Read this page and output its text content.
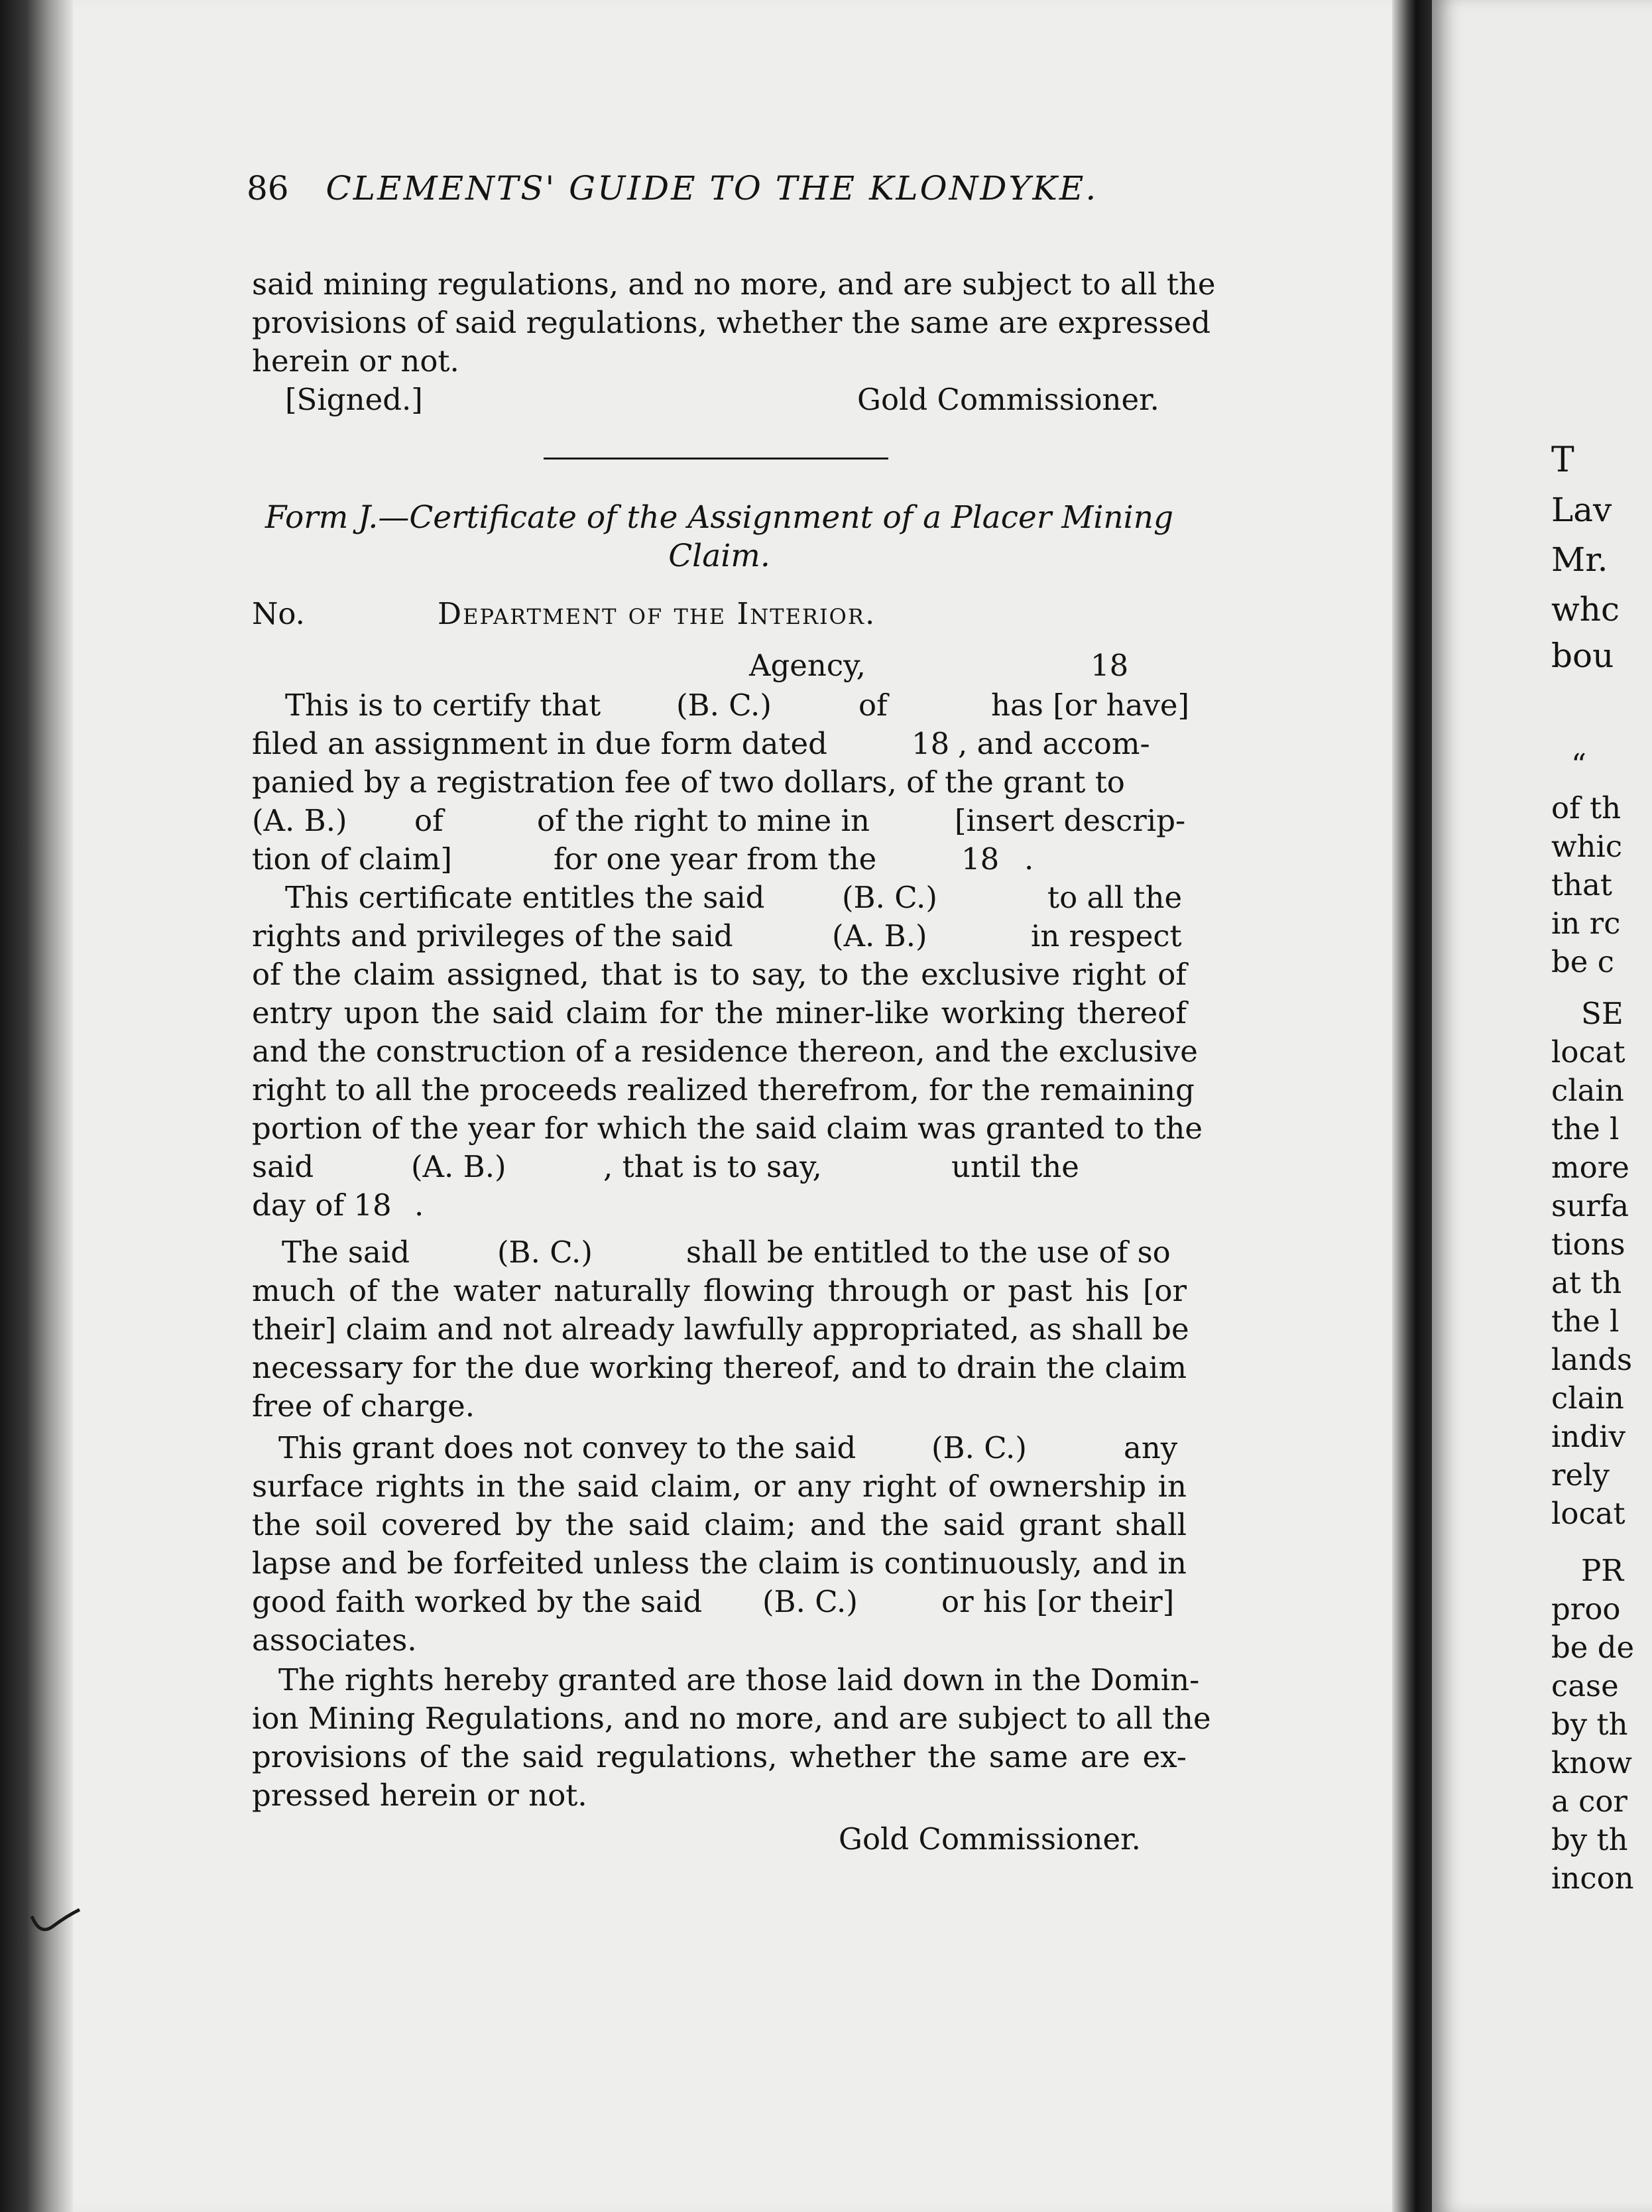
86 CLEMENTS' GUIDE TO THE KLONDYKE.
said mining regulations, and no more, and are subject to all the
provisions of said regulations, whether the same are expressed
herein or not.
[Signed.]	Gold Commissioner.
Form J.—Certificate of the Assignment of a Placer Mining
Claim.
No.	Department of the Interior.
Agency,	18
This is to certify that	(B. C.)	of	has [or have]
filed an assignment in due form dated	18 , and accom-
panied by a registration fee of two dollars, of the grant to
(A. B.) of	of the right to mine in	[insert descrip-
tion of claim]	for one year from the	18 .
This certificate entitles the said	(B. C.)	to all the
rights and privileges of the said	(A. B.)	in respect
of the claim assigned, that is to say, to the exclusive right of
entry upon the said claim for the miner-like working thereof
and the construction of a residence thereon, and the exclusive
right to all the proceeds realized therefrom, for the remaining
portion of the year for which the said claim was granted to the
said	(A. B.)	, that is to say,	until the
day of 18 .
The said	(B. C.)	shall be entitled to the use of so
much of the water naturally flowing through or past his [or
their] claim and not already lawfully appropriated, as shall be
necessary for the due working thereof, and to drain the claim
free of charge.
This grant does not convey to the said	(B. C.)	any
surface rights in the said claim, or any right of ownership in
the soil covered by the said claim; and the said grant shall
lapse and be forfeited unless the claim is continuously, and in
good faith worked by the said (B. C.)	or his [or their]
associates.
The rights hereby granted are those laid down in the Domin-
ion Mining Regulations, and no more, and are subject to all the
provisions of the said regulations, whether the same are ex-
pressed herein or not.
Gold Commissioner.
T
Lav
Mr.
whc
bou
“
of th
whic
that
in rc
be c
SE
locat
clain
the l
more
surfa
tions
at th
the l
lands
clain
indiv
rely
locat
PR
proo
be de
case
by th
know
a cor
by th
incon
